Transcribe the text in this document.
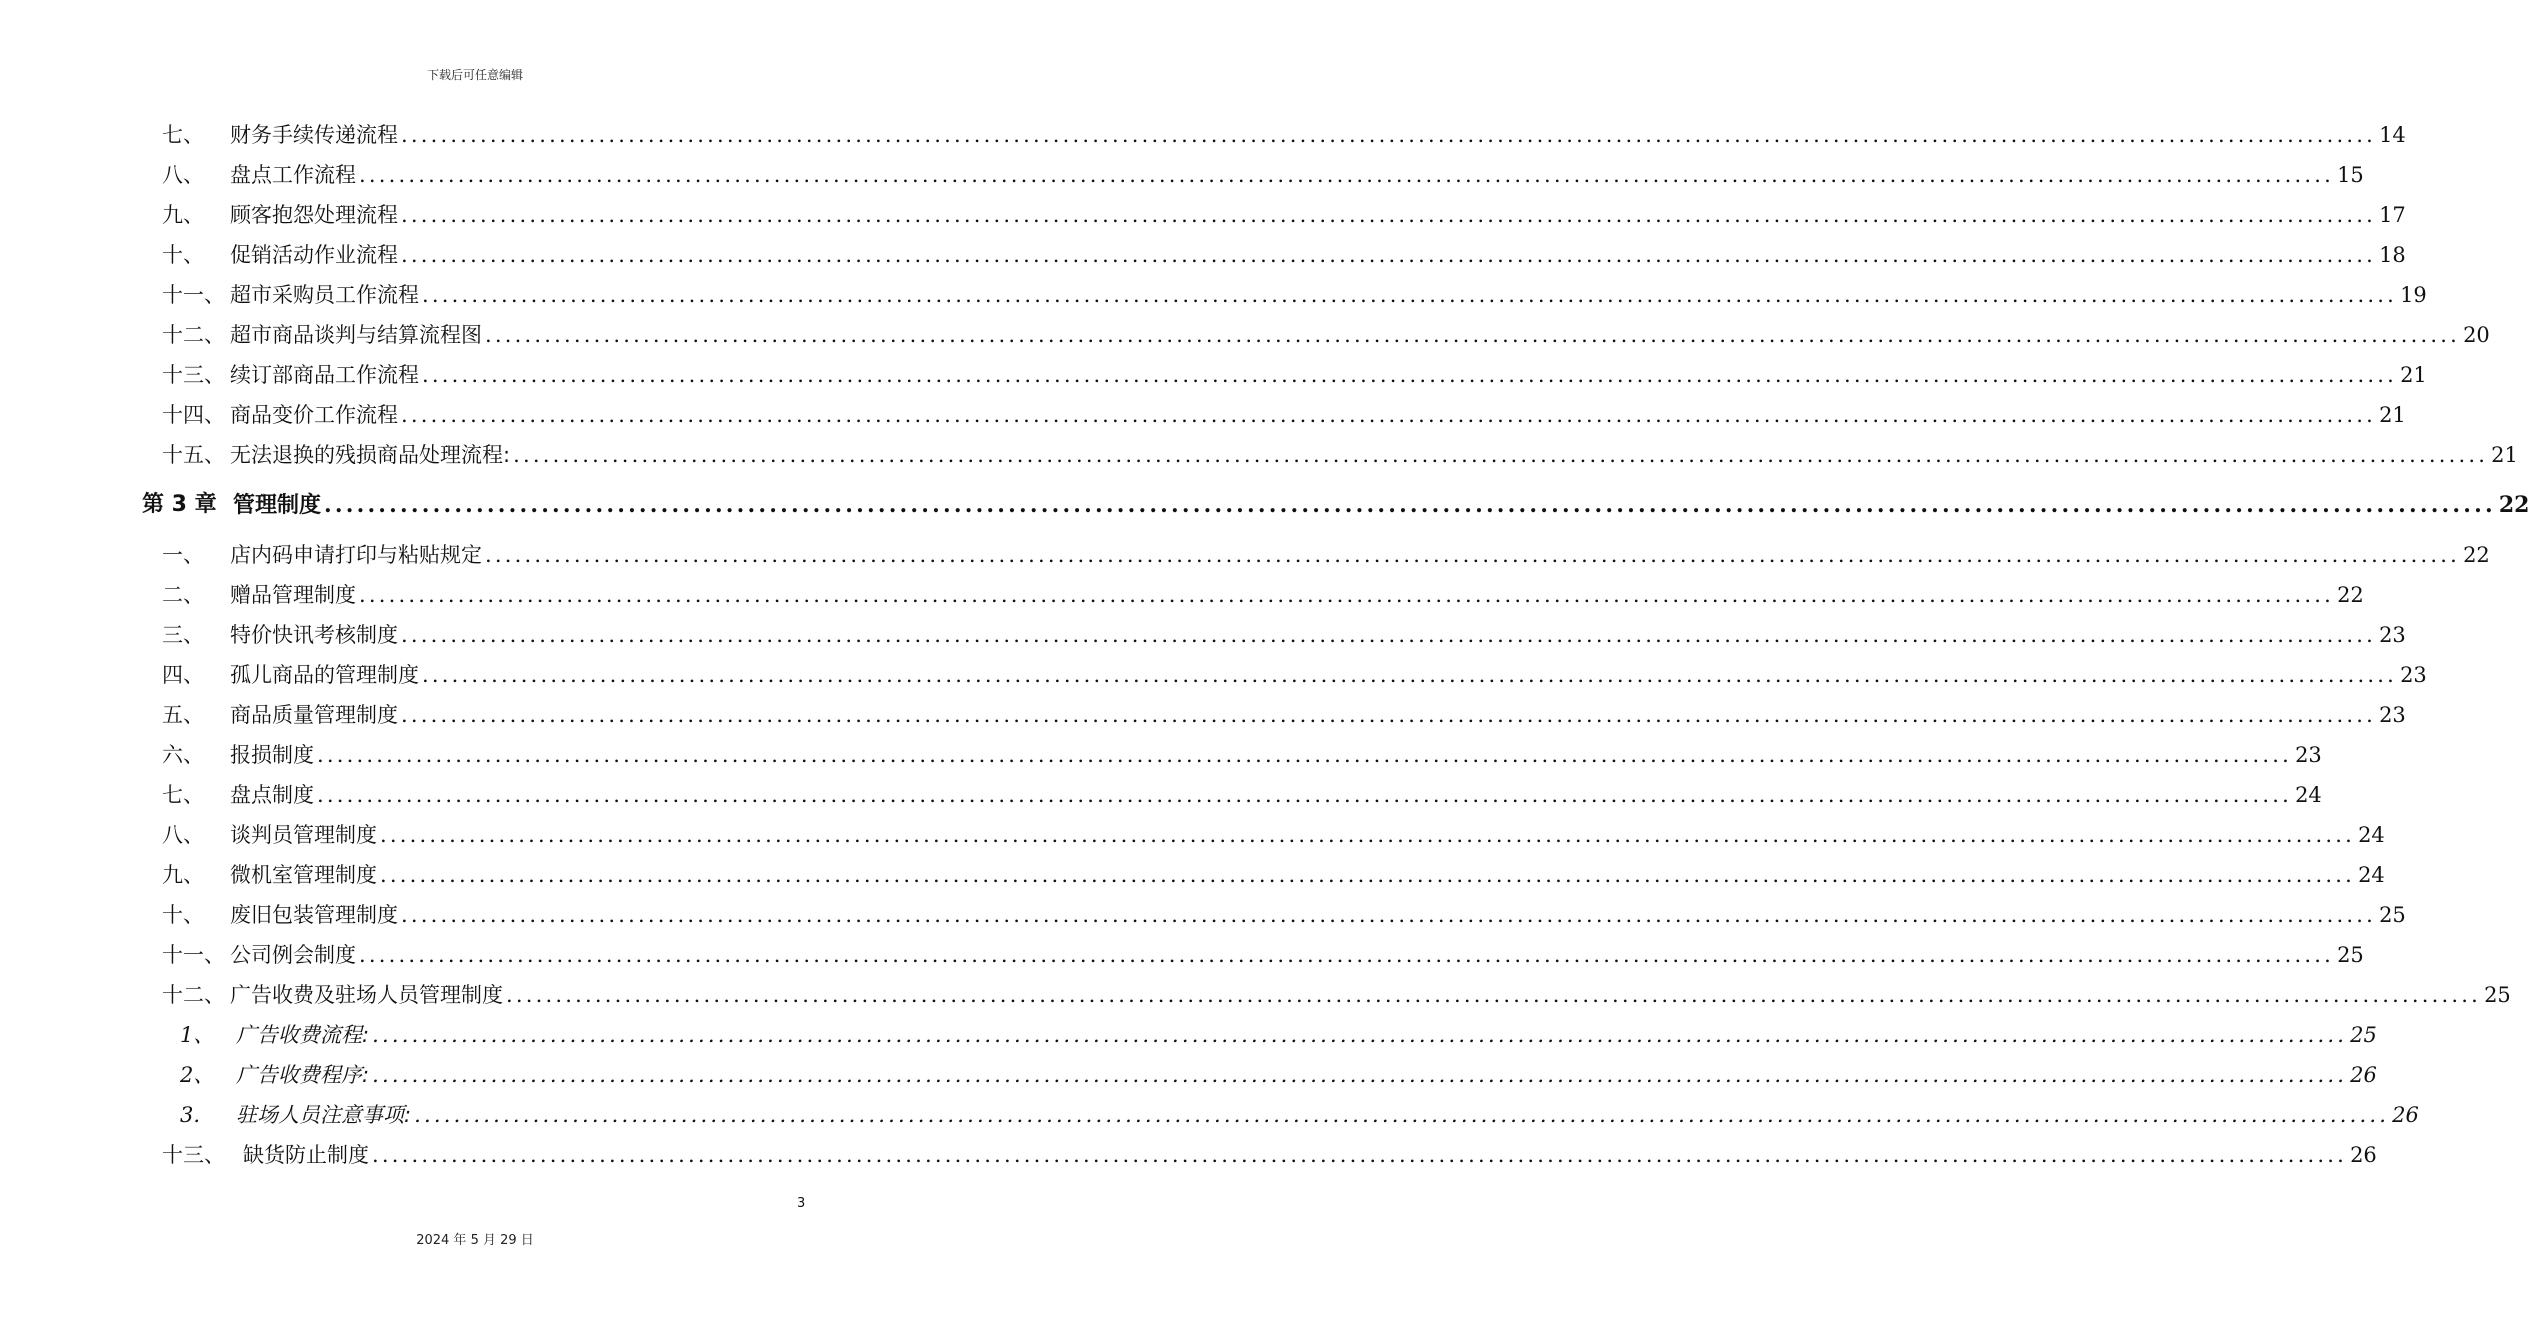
下载后可任意编辑
七、 财务手续传递流程 ........................................................................................................................................................................................................ 14
八、 盘点工作流程 ........................................................................................................................................................................................................ 15
九、 顾客抱怨处理流程 ........................................................................................................................................................................................................ 17
十、 促销活动作业流程 ........................................................................................................................................................................................................ 18
十一、 超市采购员工作流程 ........................................................................................................................................................................................................ 19
十二、 超市商品谈判与结算流程图 ........................................................................................................................................................................................................ 20
十三、 续订部商品工作流程 ........................................................................................................................................................................................................ 21
十四、 商品变价工作流程 ........................................................................................................................................................................................................ 21
十五、 无法退换的残损商品处理流程: ........................................................................................................................................................................................................ 21
第 3 章 管理制度 ........................................................................................................................................................................................................ 22
一、 店内码申请打印与粘贴规定 ........................................................................................................................................................................................................ 22
二、 赠品管理制度 ........................................................................................................................................................................................................ 22
三、 特价快讯考核制度 ........................................................................................................................................................................................................ 23
四、 孤儿商品的管理制度 ........................................................................................................................................................................................................ 23
五、 商品质量管理制度 ........................................................................................................................................................................................................ 23
六、 报损制度 ........................................................................................................................................................................................................ 23
七、 盘点制度 ........................................................................................................................................................................................................ 24
八、 谈判员管理制度 ........................................................................................................................................................................................................ 24
九、 微机室管理制度 ........................................................................................................................................................................................................ 24
十、 废旧包装管理制度 ........................................................................................................................................................................................................ 25
十一、 公司例会制度 ........................................................................................................................................................................................................ 25
十二、 广告收费及驻场人员管理制度 ........................................................................................................................................................................................................ 25
1、 广告收费流程: ........................................................................................................................................................................................................ 25
2、 广告收费程序: ........................................................................................................................................................................................................ 26
3. 驻场人员注意事项: ........................................................................................................................................................................................................ 26
十三、 缺货防止制度 ........................................................................................................................................................................................................ 26
3
2024 年 5 月 29 日
